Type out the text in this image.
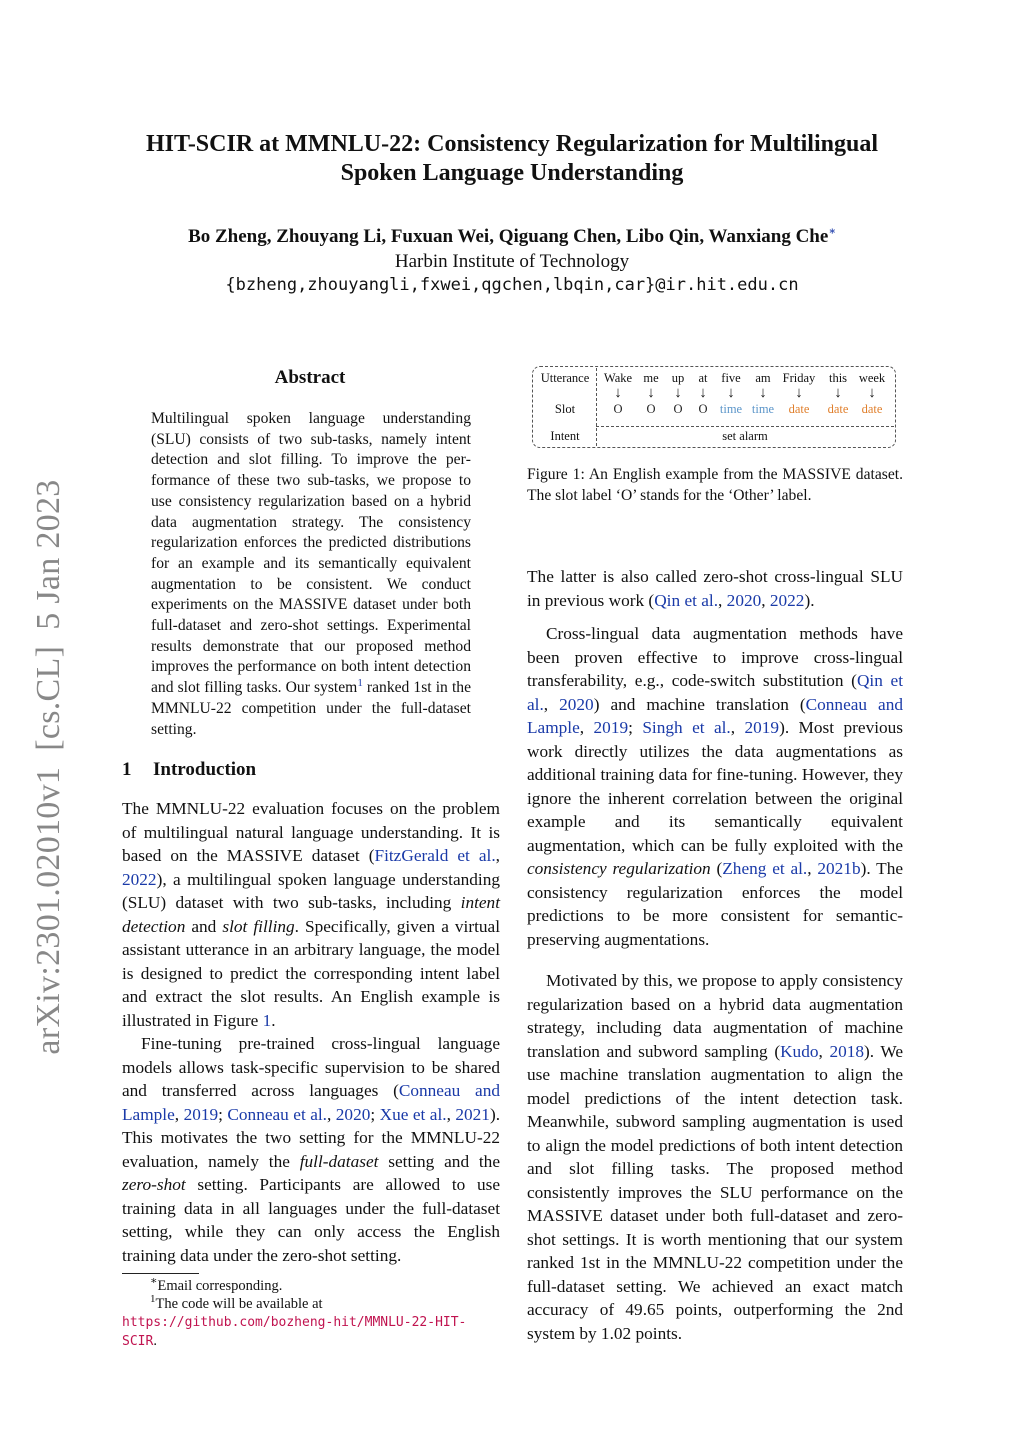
HIT-SCIR at MMNLU-22: Consistency Regularization for Multilingual
Spoken Language Understanding
Bo Zheng, Zhouyang Li, Fuxuan Wei, Qiguang Chen, Libo Qin, Wanxiang Che∗
Harbin Institute of Technology
{bzheng,zhouyangli,fxwei,qgchen,lbqin,car}@ir.hit.edu.cn
arXiv:2301.02010v1[cs.CL]5 Jan 2023
Abstract
Multilingual spoken language understanding (SLU) consists of two sub-tasks, namely intent detection and slot filling. To improve the performance of these two sub-tasks, we propose to use consistency regularization based on a hybrid data augmentation strategy. The consistency regularization enforces the predicted distributions for an example and its semantically equivalent augmentation to be consistent. We conduct experiments on the MASSIVE dataset under both full-dataset and zero-shot settings. Experimental results demonstrate that our proposed method improves the performance on both intent detection and slot filling tasks. Our system$^1$ ranked 1st in the MMNLU-22 competition under the full-dataset setting.
1 Introduction

The MMNLU-22 evaluation focuses on the problem of multilingual natural language understanding. It is based on the MASSIVE dataset (FitzGerald et al., 2022), a multilingual spoken language understanding (SLU) dataset with two sub-tasks, including intent detection and slot filling. Specifically, given a virtual assistant utterance in an arbitrary language, the model is designed to predict the corresponding intent label and extract the slot results. An English example is illustrated in Figure 1.

Fine-tuning pre-trained cross-lingual language models allows task-specific supervision to be shared and transferred across languages (Conneau and Lample, 2019; Conneau et al., 2020; Xue et al., 2021). This motivates the two setting for the MMNLU-22 evaluation, namely the full-dataset setting and the zero-shot setting. Participants are allowed to use training data in all languages under the full-dataset setting, while they can only access the English training data under the zero-shot setting.

∗Email corresponding.
$^1$The code will be available at https://github.com/bozheng-hit/MMNLU-22-HIT-SCIR.
Utterance
Slot
Intent
Wake
↓
O
me
↓
O
up
↓
O
at
↓
O
five
↓
time
am
↓
time
Friday
↓
date
this
↓
date
week
↓
date
set alarm
Figure 1: An English example from the MASSIVE dataset. The slot label ‘O’ stands for the ‘Other’ label.

The latter is also called zero-shot cross-lingual SLU in previous work (Qin et al., 2020, 2022).

Cross-lingual data augmentation methods have been proven effective to improve cross-lingual transferability, e.g., code-switch substitution (Qin et al., 2020) and machine translation (Conneau and Lample, 2019; Singh et al., 2019). Most previous work directly utilizes the data augmentations as additional training data for fine-tuning. However, they ignore the inherent correlation between the original example and its semantically equivalent augmentation, which can be fully exploited with the consistency regularization (Zheng et al., 2021b). The consistency regularization enforces the model predictions to be more consistent for semantic-preserving augmentations.

Motivated by this, we propose to apply consistency regularization based on a hybrid data augmentation strategy, including data augmentation of machine translation and subword sampling (Kudo, 2018). We use machine translation augmentation to align the model predictions of the intent detection task. Meanwhile, subword sampling augmentation is used to align the model predictions of both intent detection and slot filling tasks. The proposed method consistently improves the SLU performance on the MASSIVE dataset under both full-dataset and zero-shot settings. It is worth mentioning that our system ranked 1st in the MMNLU-22 competition under the full-dataset setting. We achieved an exact match accuracy of 49.65 points, outperforming the 2nd system by 1.02 points.
